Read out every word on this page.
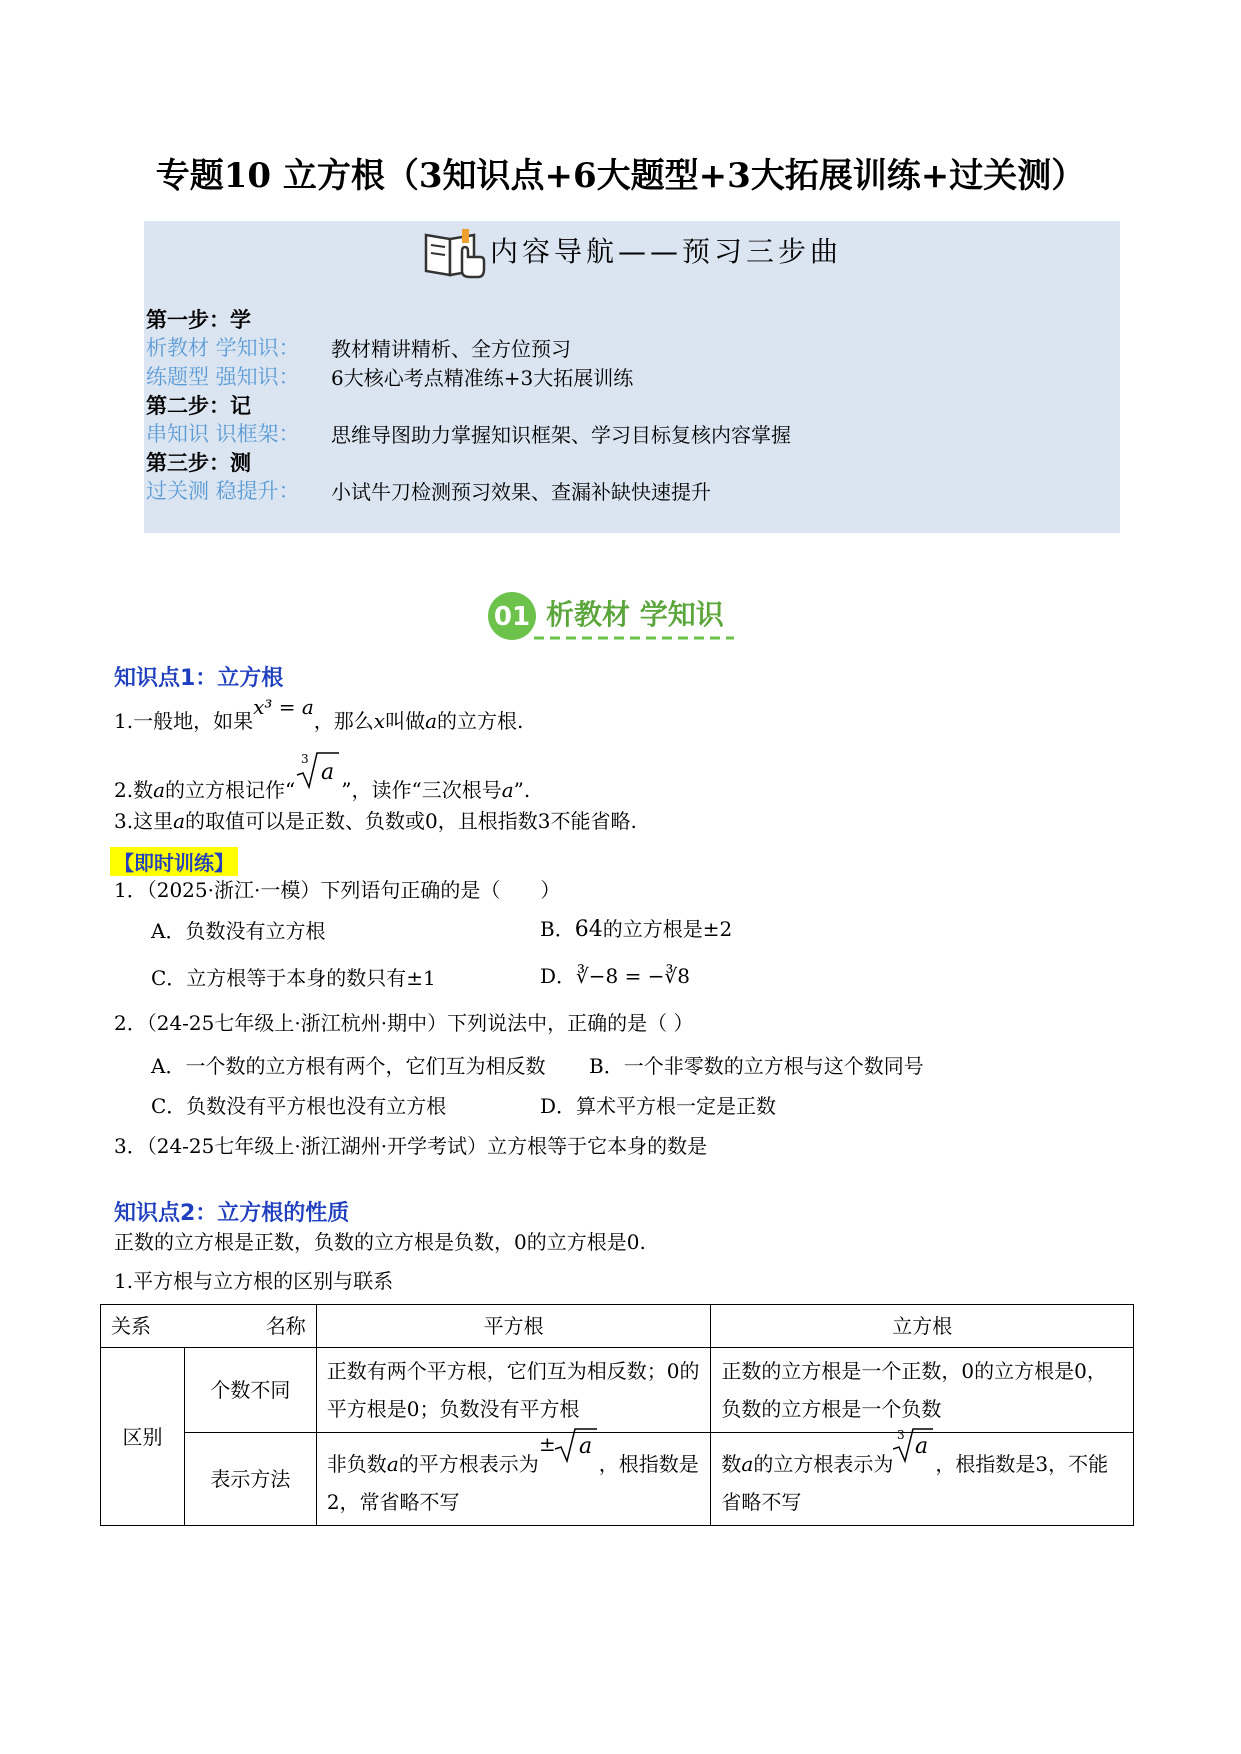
专题10 立方根（3知识点+6大题型+3大拓展训练+过关测）
内容导航——预习三步曲
第一步：学
析教材 学知识： 教材精讲精析、全方位预习
练题型 强知识： 6大核心考点精准练+3大拓展训练
第二步：记
串知识 识框架： 思维导图助力掌握知识框架、学习目标复核内容掌握
第三步：测
过关测 稳提升： 小试牛刀检测预习效果、查漏补缺快速提升
01 析教材 学知识
知识点1：立方根
1.一般地，如果x³ = a，那么x叫做a的立方根.
2.数a的立方根记作“
3
a
”，读作“三次根号a”.
3.这里a的取值可以是正数、负数或0，且根指数3不能省略.
【即时训练】
1．（2025·浙江·一模）下列语句正确的是（　　）
A．负数没有立方根	B．64的立方根是±2
C．立方根等于本身的数只有±1	D．∛−8 = −∛8
2．（24-25七年级上·浙江杭州·期中）下列说法中，正确的是（ ）
A．一个数的立方根有两个，它们互为相反数 B．一个非零数的立方根与这个数同号
C．负数没有平方根也没有立方根	D．算术平方根一定是正数
3．（24-25七年级上·浙江湖州·开学考试）立方根等于它本身的数是
知识点2：立方根的性质
正数的立方根是正数，负数的立方根是负数，0的立方根是0.
1.平方根与立方根的区别与联系
关系 名称		平方根	立方根
区别	个数不同	正数有两个平方根，它们互为相反数；0的平方根是0；负数没有平方根	正数的立方根是一个正数，0的立方根是0，负数的立方根是一个负数
	表示方法	非负数a的平方根表示为
± a
，根指数是2，常省略不写	数a的立方根表示为
3 a
，根指数是3，不能省略不写
